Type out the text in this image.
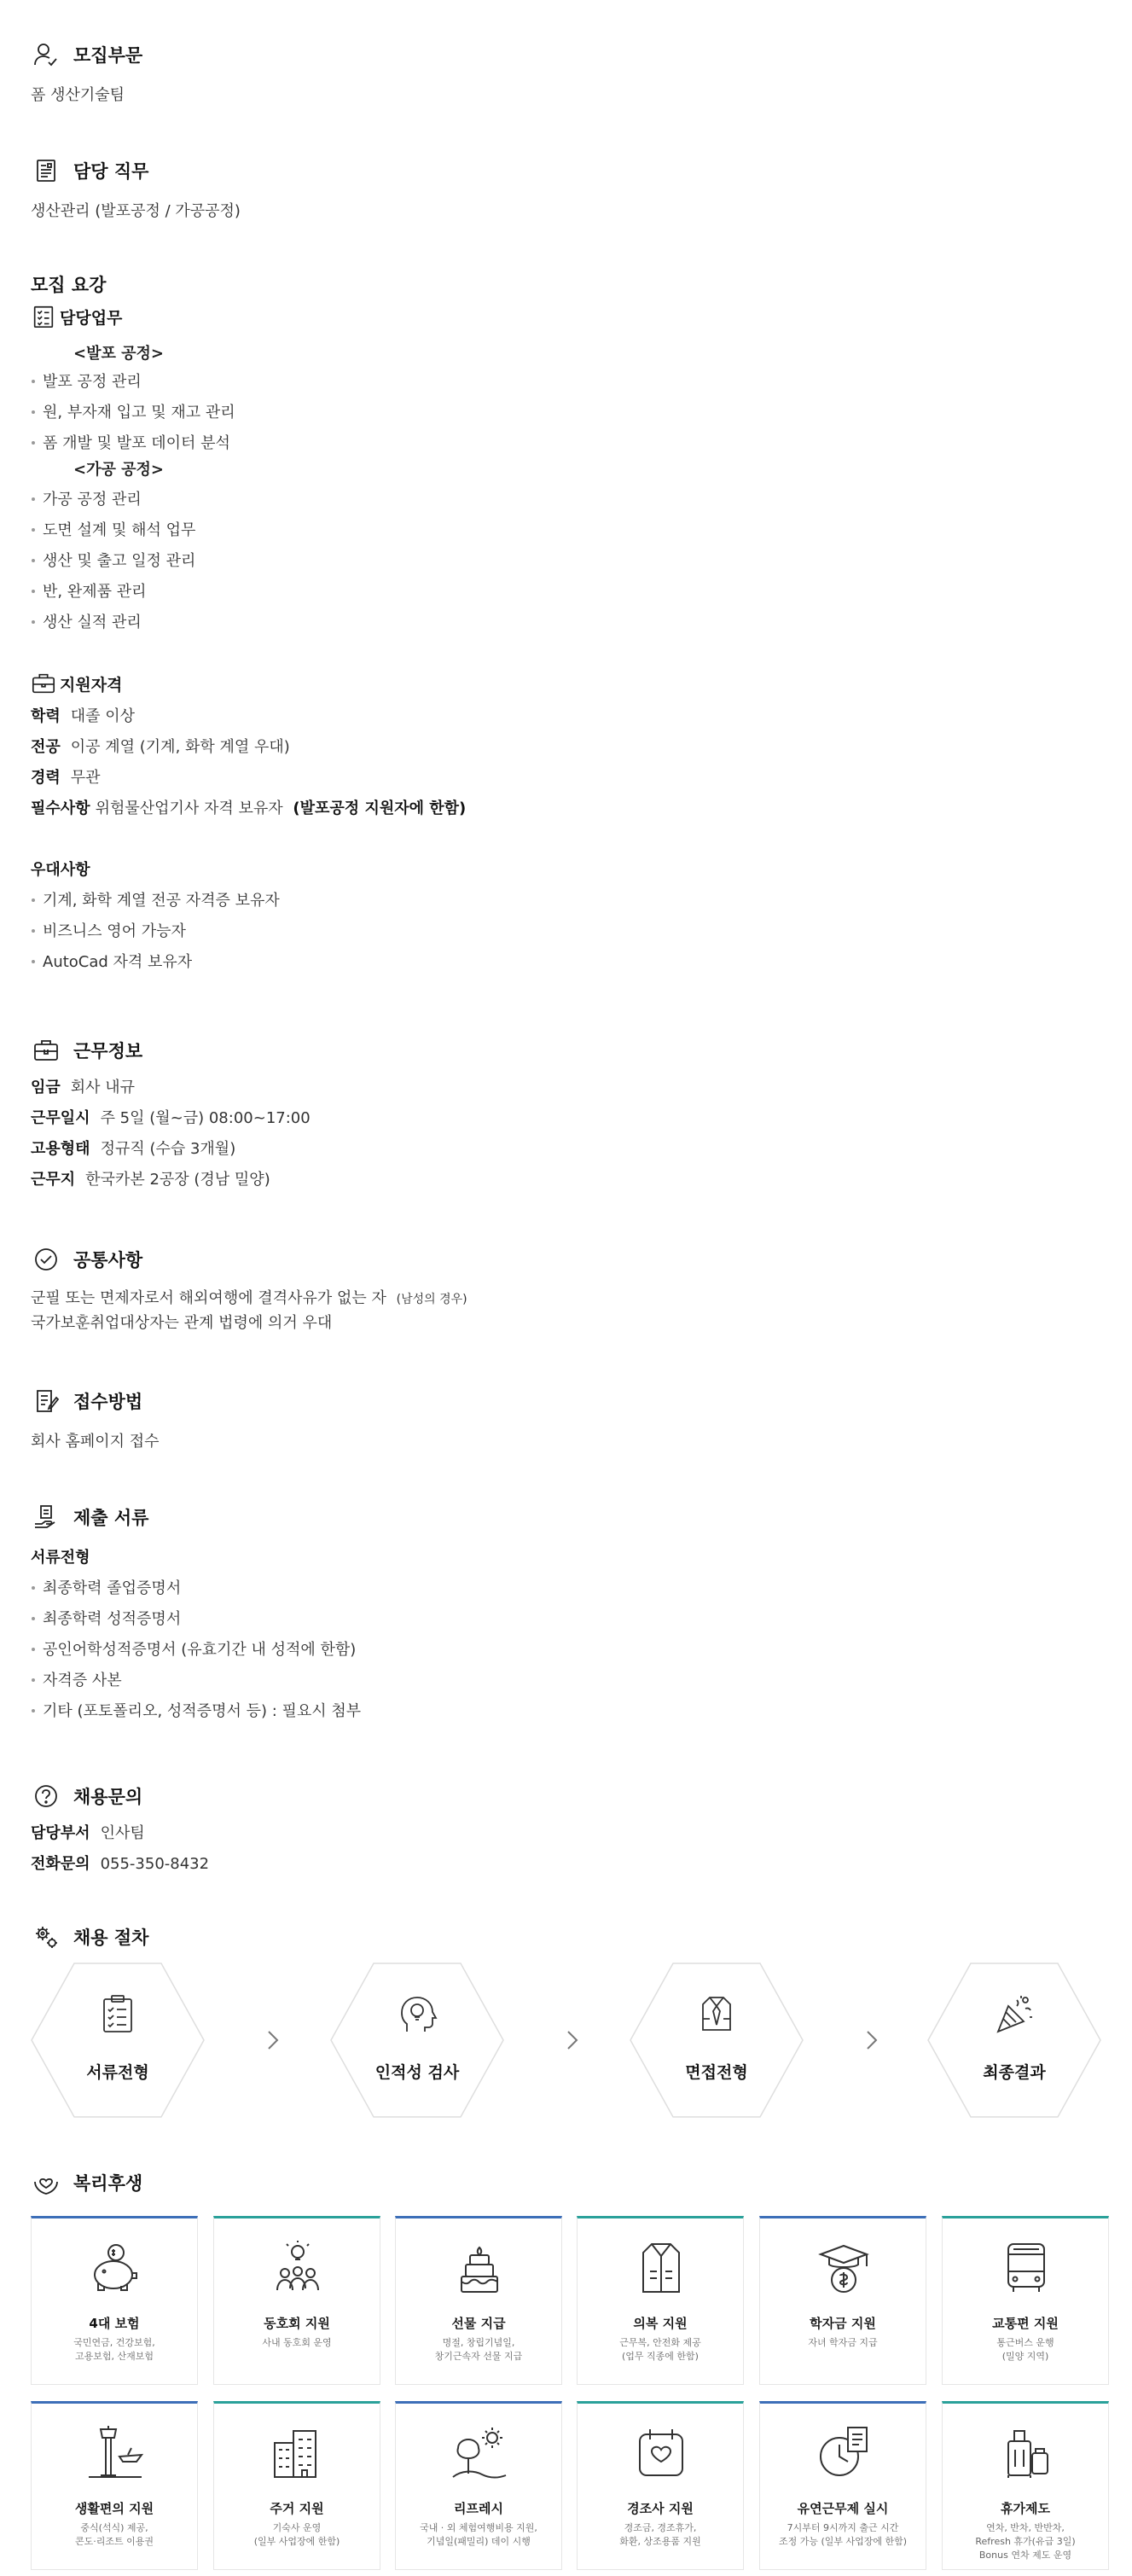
모집부문
폼 생산기술팀
담당 직무
생산관리 (발포공정 / 가공공정)
모집 요강
담당업무
<발포 공정>
발포 공정 관리
원, 부자재 입고 및 재고 관리
폼 개발 및 발포 데이터 분석
<가공 공정>
가공 공정 관리
도면 설계 및 해석 업무
생산 및 출고 일정 관리
반, 완제품 관리
생산 실적 관리
지원자격
학력 대졸 이상
전공 이공 계열 (기계, 화학 계열 우대)
경력 무관
필수사항 위험물산업기사 자격 보유자 (발포공정 지원자에 한함)
우대사항
기계, 화학 계열 전공 자격증 보유자
비즈니스 영어 가능자
AutoCad 자격 보유자
근무정보
임금 회사 내규
근무일시 주 5일 (월~금) 08:00~17:00
고용형태 정규직 (수습 3개월)
근무지 한국카본 2공장 (경남 밀양)
공통사항
군필 또는 면제자로서 해외여행에 결격사유가 없는 자 (남성의 경우)
국가보훈취업대상자는 관계 법령에 의거 우대
접수방법
회사 홈페이지 접수
제출 서류
서류전형
최종학력 졸업증명서
최종학력 성적증명서
공인어학성적증명서 (유효기간 내 성적에 한함)
자격증 사본
기타 (포토폴리오, 성적증명서 등) : 필요시 첨부
채용문의
담당부서 인사팀
전화문의 055-350-8432
채용 절차
서류전형	인적성 검사	면접전형	최종결과
복리후생
4대 보험
국민연금, 건강보험,
고용보험, 산재보험
동호회 지원
사내 동호회 운영
선물 지급
명절, 창립기념일,
창기근속자 선물 지급
의복 지원
근무복, 안전화 제공
(업무 직종에 한함)
학자금 지원
자녀 학자금 지급
교통편 지원
통근버스 운행
(밀양 지역)
생활편의 지원
중식(석식) 제공,
콘도·리조트 이용권
주거 지원
기숙사 운영
(일부 사업장에 한함)
리프레시
국내 · 외 체험여행비용 지원,
기념일(패밀리) 데이 시행
경조사 지원
경조금, 경조휴가,
화환, 상조용품 지원
유연근무제 실시
7시부터 9시까지 출근 시간
조정 가능 (일부 사업장에 한함)
휴가제도
연차, 반차, 반반차,
Refresh 휴가(유급 3일)
Bonus 연차 제도 운영
